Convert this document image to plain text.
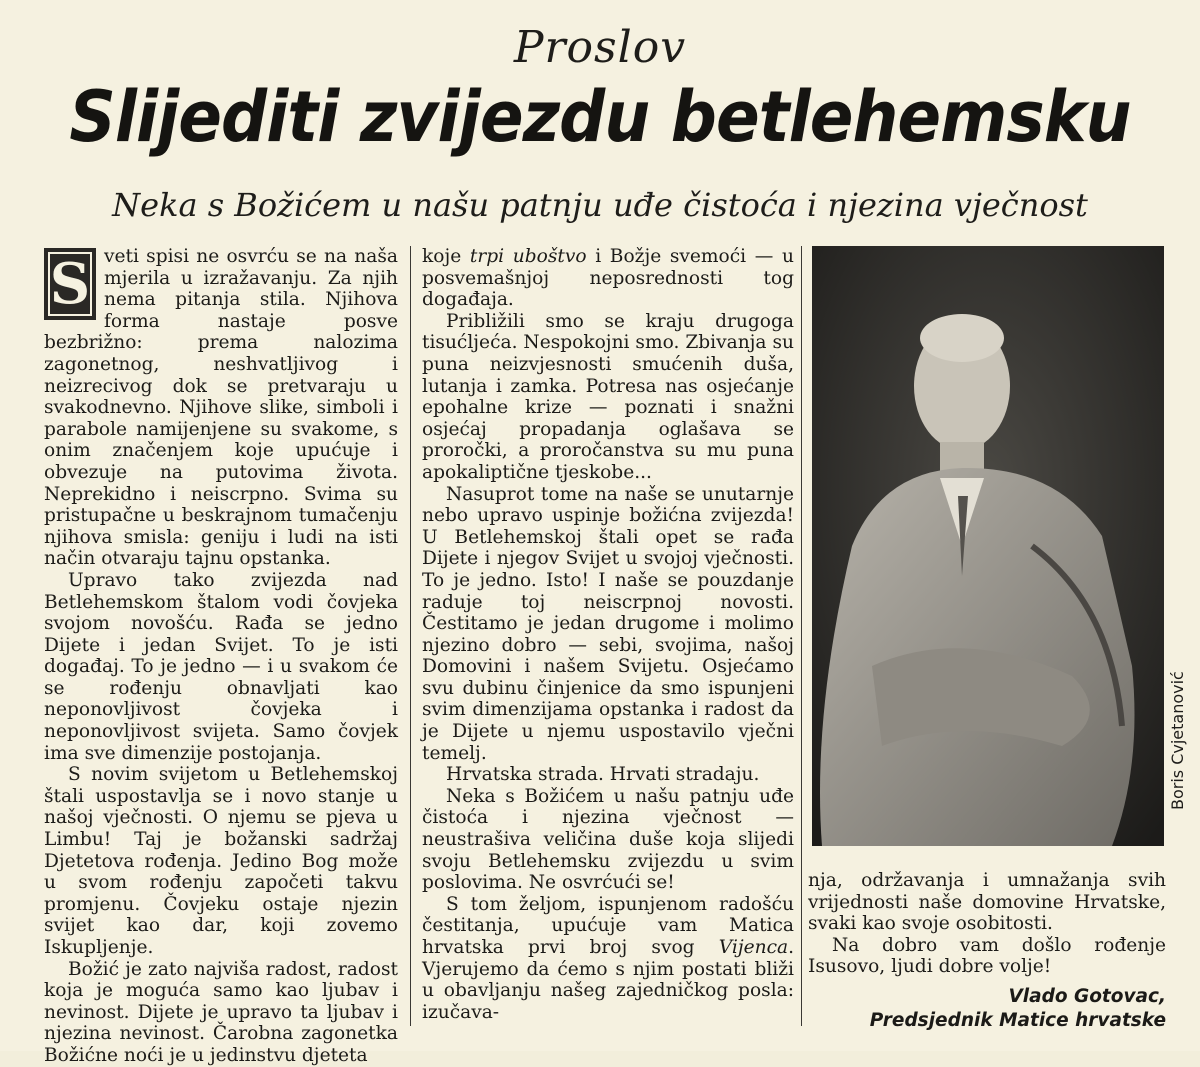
Proslov
Slijediti zvijezdu betlehemsku
Neka s Božićem u našu patnju uđe čistoća i njezina vječnost

S veti spisi ne osvrću se na naša mjerila u izražavanju. Za njih nema pitanja stila. Njihova forma nastaje posve bezbrižno: prema nalozima zagonetnog, neshvatljivog i neizrecivog dok se pretvaraju u svakodnevno. Njihove slike, simboli i parabole namijenjene su svakome, s onim značenjem koje upućuje i obvezuje na putovima života. Neprekidno i neiscrpno. Svima su pristupačne u beskrajnom tumačenju njihova smisla: geniju i ludi na isti način otvaraju tajnu opstanka.

Upravo tako zvijezda nad Betlehemskom štalom vodi čovjeka svojom novošću. Rađa se jedno Dijete i jedan Svijet. To je isti događaj. To je jedno — i u svakom će se rođenju obnavljati kao neponovljivost čovjeka i neponovljivost svijeta. Samo čovjek ima sve dimenzije postojanja.

S novim svijetom u Betlehemskoj štali uspostavlja se i novo stanje u našoj vječnosti. O njemu se pjeva u Limbu! Taj je božanski sadržaj Djetetova rođenja. Jedino Bog može u svom rođenju započeti takvu promjenu. Čovjeku ostaje njezin svijet kao dar, koji zovemo Iskupljenje.

Božić je zato najviša radost, radost koja je moguća samo kao ljubav i nevinost. Dijete je upravo ta ljubav i njezina nevinost. Čarobna zagonetka Božićne noći je u jedinstvu djeteta

koje trpi ubоštvo i Božje svemoći — u posvemašnjoj neposrednosti tog događaja.

Približili smo se kraju drugoga tisućljeća. Nespokojni smo. Zbivanja su puna neizvjesnosti smućenih duša, lutanja i zamka. Potresa nas osjećanje epohalne krize — poznati i snažni osjećaj propadanja oglašava se proročki, a proročanstva su mu puna apokaliptične tjeskobe...

Nasuprot tome na naše se unutarnje nebo upravo uspinje božićna zvijezda! U Betlehemskoj štali opet se rađa Dijete i njegov Svijet u svojoj vječnosti. To je jedno. Isto! I naše se pouzdanje raduje toj neiscrpnoj novosti. Čestitamo je jedan drugome i molimo njezino dobro — sebi, svojima, našoj Domovini i našem Svijetu. Osjećamo svu dubinu činjenice da smo ispunjeni svim dimenzijama opstanka i radost da je Dijete u njemu uspostavilo vječni temelj.

Hrvatska strada. Hrvati stradaju.

Neka s Božićem u našu patnju uđe čistoća i njezina vječnost — neustrašiva veličina duše koja slijedi svoju Betlehemsku zvijezdu u svim poslovima. Ne osvrćući se!

S tom željom, ispunjenom radošću čestitanja, upućuje vam Matica hrvatska prvi broj svog Vijenca. Vjerujemo da ćemo s njim postati bliži u obavljanju našeg zajedničkog posla: izučava-

Boris Cvjetanović

nja, održavanja i umnažanja svih vrijednosti naše domovine Hrvatske, svaki kao svoje osobitosti.

Na dobro vam došlo rođenje Isusovo, ljudi dobre volje!

Vlado Gotovac,
Predsjednik Matice hrvatske
